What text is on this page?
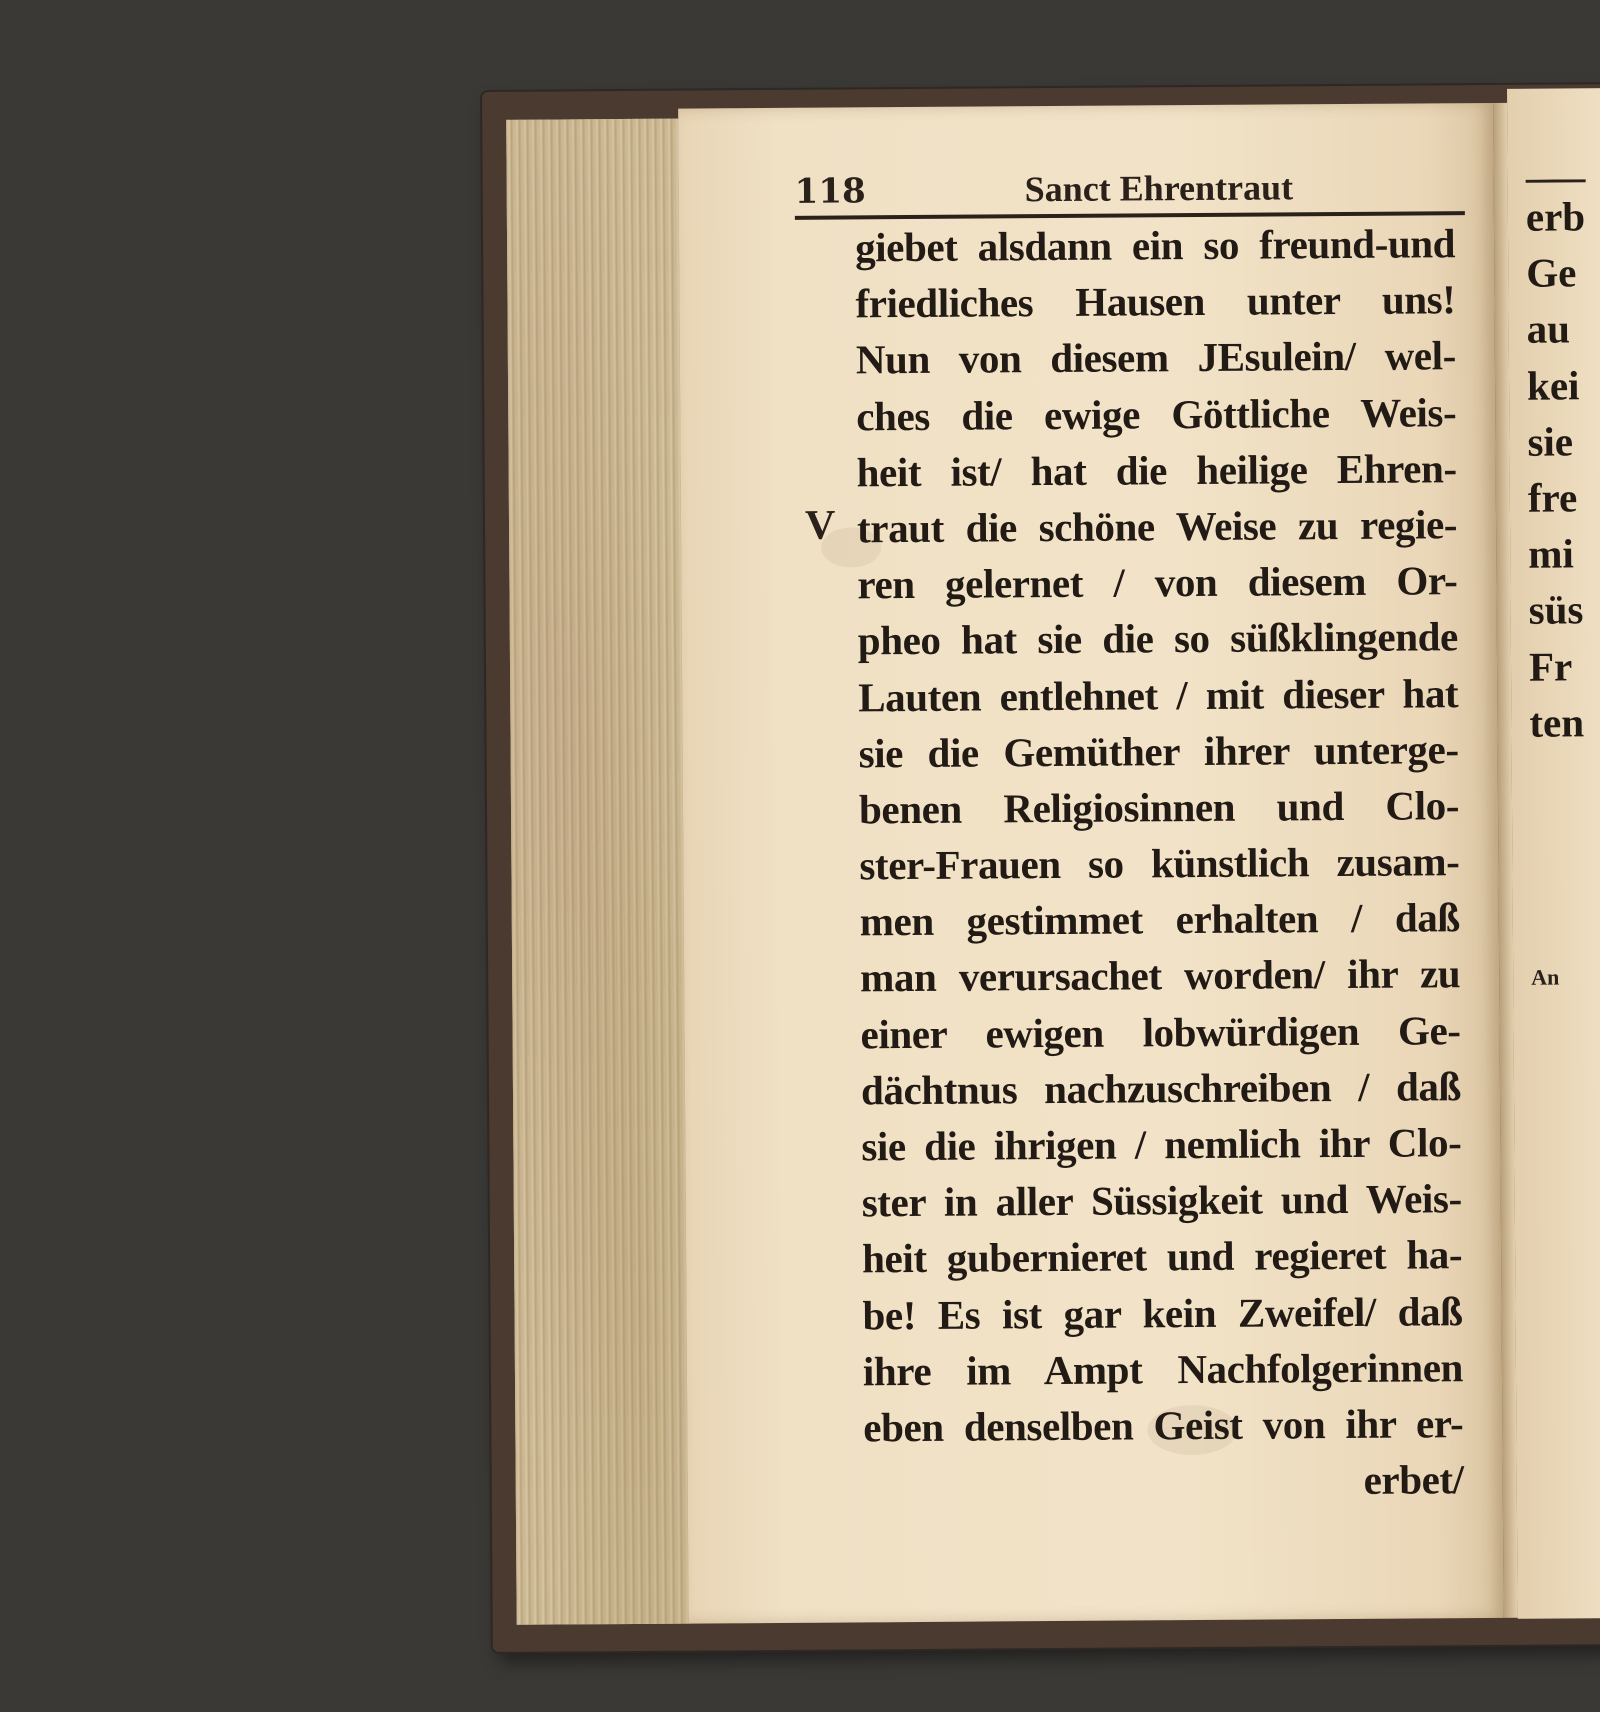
118	Sanct Ehrentraut
V
giebet alsdann ein so freund-und
friedliches Hausen unter uns!
Nun von diesem JEsulein/ wel-
ches die ewige Göttliche Weis-
heit ist/ hat die heilige Ehren-
traut die schöne Weise zu regie-
ren gelernet / von diesem Or-
pheo hat sie die so süßklingende
Lauten entlehnet / mit dieser hat
sie die Gemüther ihrer unterge-
benen Religiosinnen und Clo-
ster-Frauen so künstlich zusam-
men gestimmet erhalten / daß
man verursachet worden/ ihr zu
einer ewigen lobwürdigen Ge-
dächtnus nachzuschreiben / daß
sie die ihrigen / nemlich ihr Clo-
ster in aller Süssigkeit und Weis-
heit gubernieret und regieret ha-
be! Es ist gar kein Zweifel/ daß
ihre im Ampt Nachfolgerinnen
eben denselben Geist von ihr er-
erbet/
erb
Ge
au
kei
sie
fre
mi
süs
Fr
ten
An
